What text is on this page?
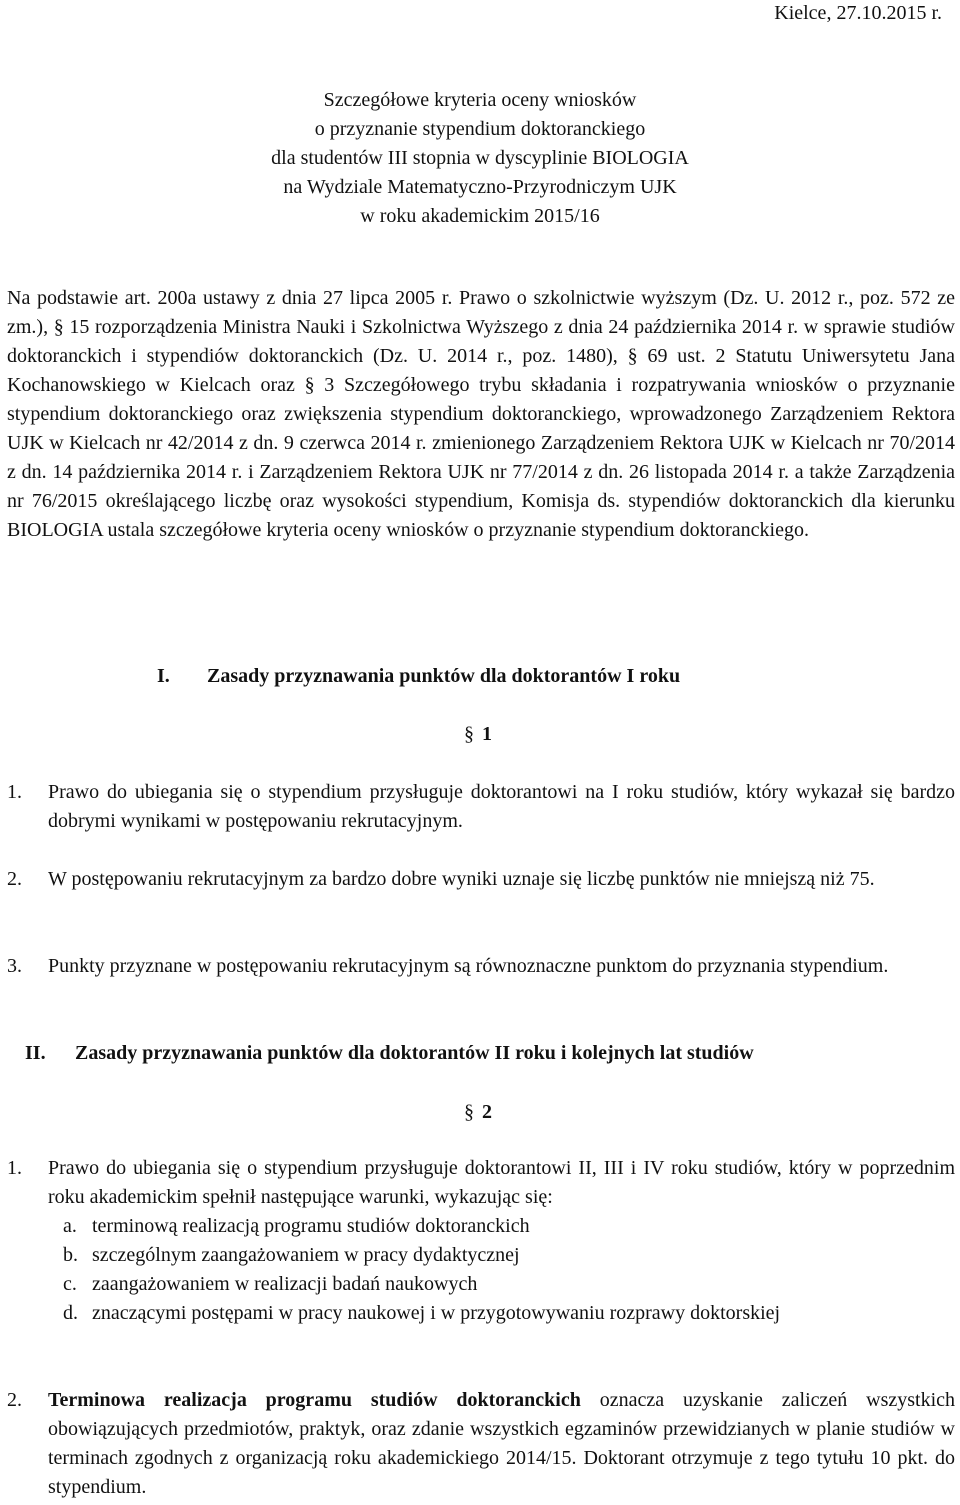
Kielce, 27.10.2015 r.
Szczegółowe kryteria oceny wniosków
o przyznanie stypendium doktoranckiego
dla studentów III stopnia w dyscyplinie BIOLOGIA
na Wydziale Matematyczno-Przyrodniczym UJK
w roku akademickim 2015/16
Na podstawie art. 200a ustawy z dnia 27 lipca 2005 r. Prawo o szkolnictwie wyższym (Dz. U. 2012 r., poz. 572 ze zm.), § 15 rozporządzenia Ministra Nauki i Szkolnictwa Wyższego z dnia 24 października 2014 r. w sprawie studiów doktoranckich i stypendiów doktoranckich (Dz. U. 2014 r., poz. 1480), § 69 ust. 2 Statutu Uniwersytetu Jana Kochanowskiego w Kielcach oraz § 3 Szczegółowego trybu składania i rozpatrywania wniosków o przyznanie stypendium doktoranckiego oraz zwiększenia stypendium doktoranckiego, wprowadzonego Zarządzeniem Rektora UJK w Kielcach nr 42/2014 z dn. 9 czerwca 2014 r. zmienionego Zarządzeniem Rektora UJK w Kielcach nr 70/2014 z dn. 14 października 2014 r. i Zarządzeniem Rektora UJK nr 77/2014 z dn. 26 listopada 2014 r. a także Zarządzenia nr 76/2015 określającego liczbę oraz wysokości stypendium, Komisja ds. stypendiów doktoranckich dla kierunku BIOLOGIA ustala szczegółowe kryteria oceny wniosków o przyznanie stypendium doktoranckiego.
I. Zasady przyznawania punktów dla doktorantów I roku
§ 1
1. Prawo do ubiegania się o stypendium przysługuje doktorantowi na I roku studiów, który wykazał się bardzo dobrymi wynikami w postępowaniu rekrutacyjnym.
2. W postępowaniu rekrutacyjnym za bardzo dobre wyniki uznaje się liczbę punktów nie mniejszą niż 75.
3. Punkty przyznane w postępowaniu rekrutacyjnym są równoznaczne punktom do przyznania stypendium.
II. Zasady przyznawania punktów dla doktorantów II roku i kolejnych lat studiów
§ 2
1. Prawo do ubiegania się o stypendium przysługuje doktorantowi II, III i IV roku studiów, który w poprzednim roku akademickim spełnił następujące warunki, wykazując się:
a. terminową realizacją programu studiów doktoranckich
b. szczególnym zaangażowaniem w pracy dydaktycznej
c. zaangażowaniem w realizacji badań naukowych
d. znaczącymi postępami w pracy naukowej i w przygotowywaniu rozprawy doktorskiej
2. Terminowa realizacja programu studiów doktoranckich oznacza uzyskanie zaliczeń wszystkich obowiązujących przedmiotów, praktyk, oraz zdanie wszystkich egzaminów przewidzianych w planie studiów w terminach zgodnych z organizacją roku akademickiego 2014/15. Doktorant otrzymuje z tego tytułu 10 pkt. do stypendium.
